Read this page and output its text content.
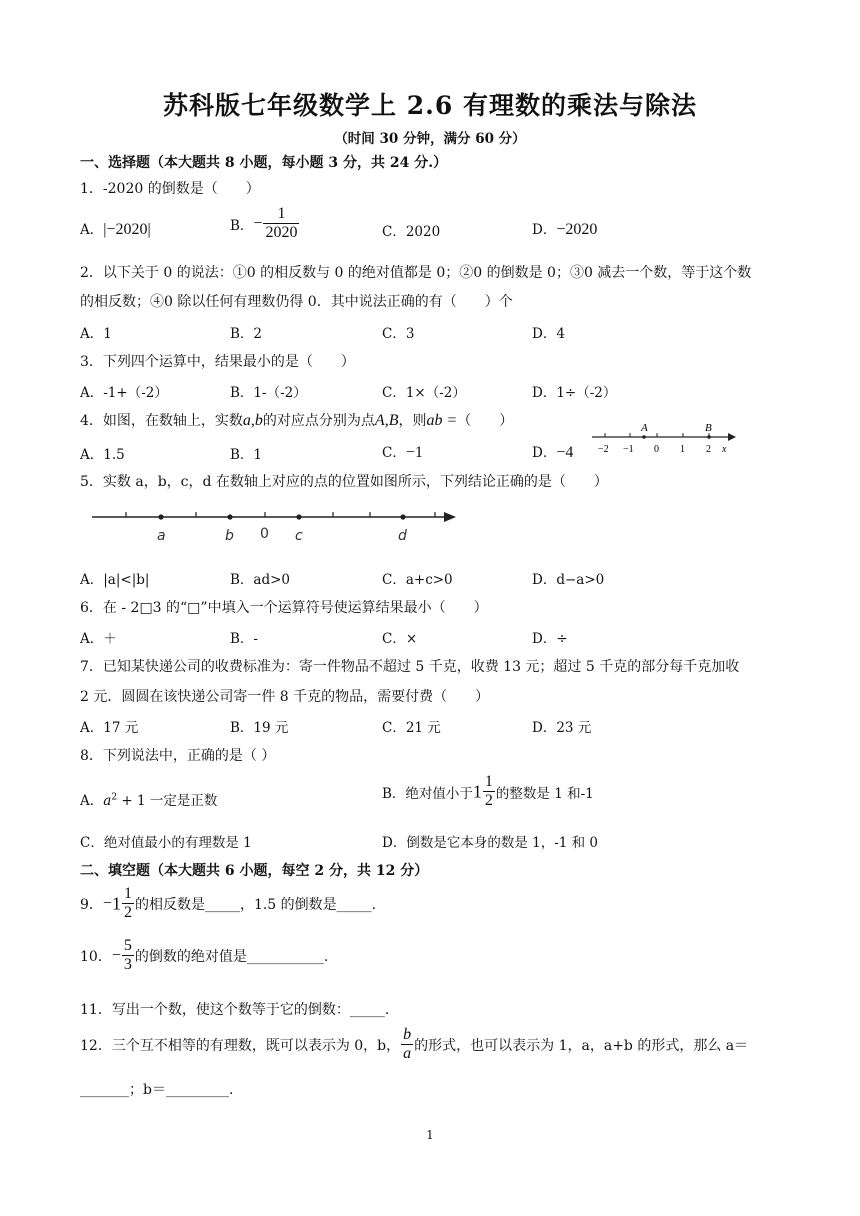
苏科版七年级数学上 2.6 有理数的乘法与除法
（时间 30 分钟，满分 60 分）
一、选择题（本大题共 8 小题，每小题 3 分，共 24 分.）
1．-2020 的倒数是（　　）
A．|−2020|	B．− $\frac{1}{2020}$	C．2020	D．−2020
2．以下关于 0 的说法：①0 的相反数与 0 的绝对值都是 0；②0 的倒数是 0；③0 减去一个数，等于这个数
的相反数；④0 除以任何有理数仍得 0．其中说法正确的有（　　）个
A．1	B．2	C．3	D．4
3．下列四个运算中，结果最小的是（　　）
A．-1+（-2）	B．1-（-2）	C．1×（-2）	D．1÷（-2）
4．如图，在数轴上，实数a,b的对应点分别为点A,B，则ab =（　　）
A．1.5	B．1	C．−1	D．−4
A	B
−2 −1 0 1 2 x
5．实数 a，b，c，d 在数轴上对应的点的位置如图所示，下列结论正确的是（　　）
a	b 0 c	d
A．|a|<|b|	B．ad>0	C．a+c>0	D．d−a>0
6．在 - 2□3 的“□”中填入一个运算符号使运算结果最小（　　）
A．＋	B．-	C．×	D．÷
7．已知某快递公司的收费标准为：寄一件物品不超过 5 千克，收费 13 元；超过 5 千克的部分每千克加收
2 元．圆圆在该快递公司寄一件 8 千克的物品，需要付费（　　）
A．17 元	B．19 元	C．21 元	D．23 元
8．下列说法中，正确的是（ ）
A．$a^2 + 1$ 一定是正数	B．绝对值小于$1 \frac{1}{2}$ 的整数是 1 和-1
C．绝对值最小的有理数是 1	D．倒数是它本身的数是 1，-1 和 0
二、填空题（本大题共 6 小题，每空 2 分，共 12 分）
9．$-1 \frac{1}{2}$ 的相反数是_____，1.5 的倒数是_____.
10．− $\frac{5}{3}$ 的倒数的绝对值是___________.
11．写出一个数，使这个数等于它的倒数：_____.
12．三个互不相等的有理数，既可以表示为 0，b， $\frac{b}{a}$ 的形式，也可以表示为 1，a，a+b 的形式，那么 a＝
_______；b＝_________.
1
